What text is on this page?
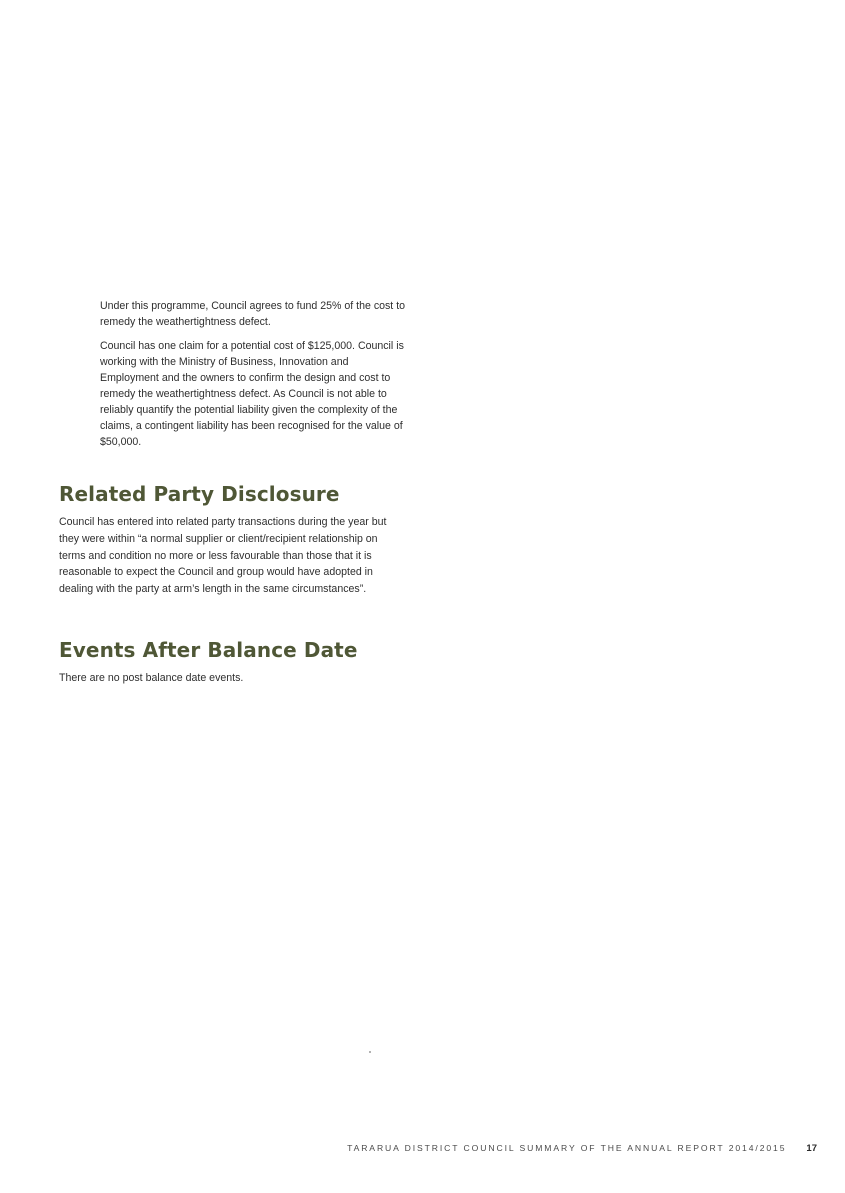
Under this programme, Council agrees to fund 25% of the cost to remedy the weathertightness defect.

Council has one claim for a potential cost of $125,000. Council is working with the Ministry of Business, Innovation and Employment and the owners to confirm the design and cost to remedy the weathertightness defect. As Council is not able to reliably quantify the potential liability given the complexity of the claims, a contingent liability has been recognised for the value of $50,000.

Related Party Disclosure

Council has entered into related party transactions during the year but they were within “a normal supplier or client/recipient relationship on terms and condition no more or less favourable than those that it is reasonable to expect the Council and group would have adopted in dealing with the party at arm’s length in the same circumstances”.

Events After Balance Date

There are no post balance date events.

TARARUA DISTRICT COUNCIL SUMMARY OF THE ANNUAL REPORT 2014/2015 17
